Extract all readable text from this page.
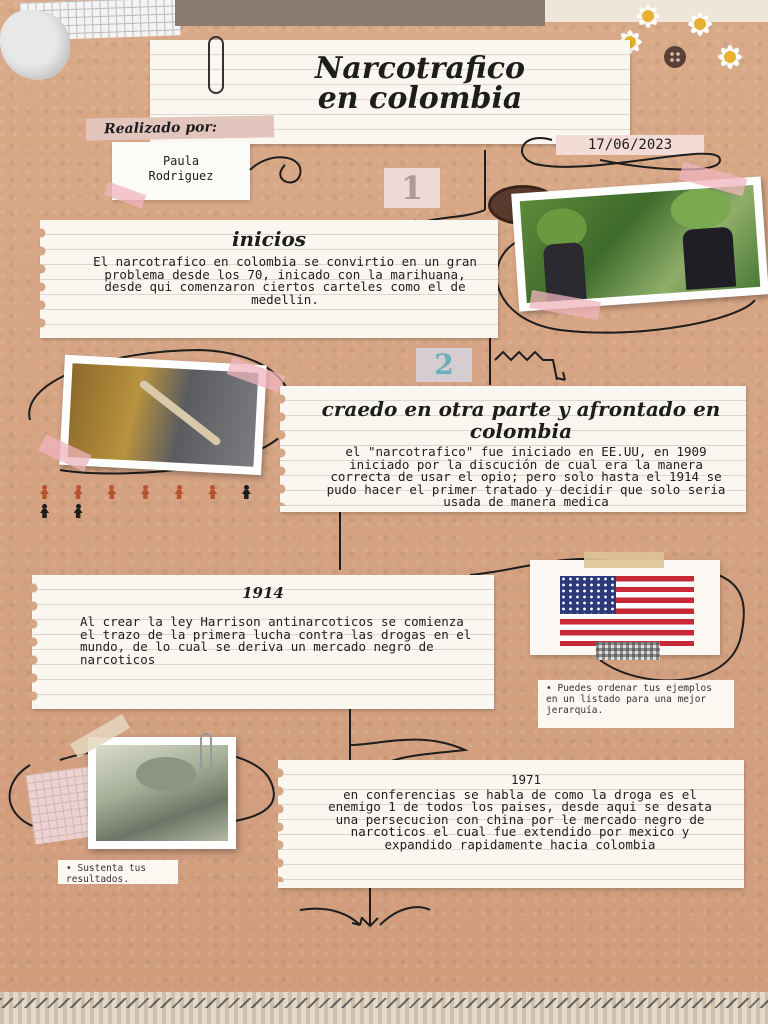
Narcotrafico
en colombia
Realizado por:
Paula Rodriguez
17/06/2023
1
inicios
El narcotrafico en colombia se convirtio en un gran problema desde los 70, inicado con la marihuana, desde qui comenzaron ciertos carteles como el de medellin.
2

craedo en otra parte y afrontado en colombia
el "narcotrafico" fue iniciado en EE.UU, en 1909 iniciado por la discución de cual era la manera correcta de usar el opio; pero solo hasta el 1914 se pudo hacer el primer tratado y decidir que solo seria usada de manera medica
1914
Al crear la ley Harrison antinarcoticos se comienza el trazo de la primera lucha contra las drogas en el mundo, de lo cual se deriva un mercado negro de narcoticos
• Puedes ordenar tus ejemplos en un listado para una mejor jerarquía.
• Sustenta tus resultados.
1971
en conferencias se habla de como la droga es el enemigo 1 de todos los paises, desde aqui se desata una persecucion con china por le mercado negro de narcoticos el cual fue extendido por mexico y expandido rapidamente hacia colombia
